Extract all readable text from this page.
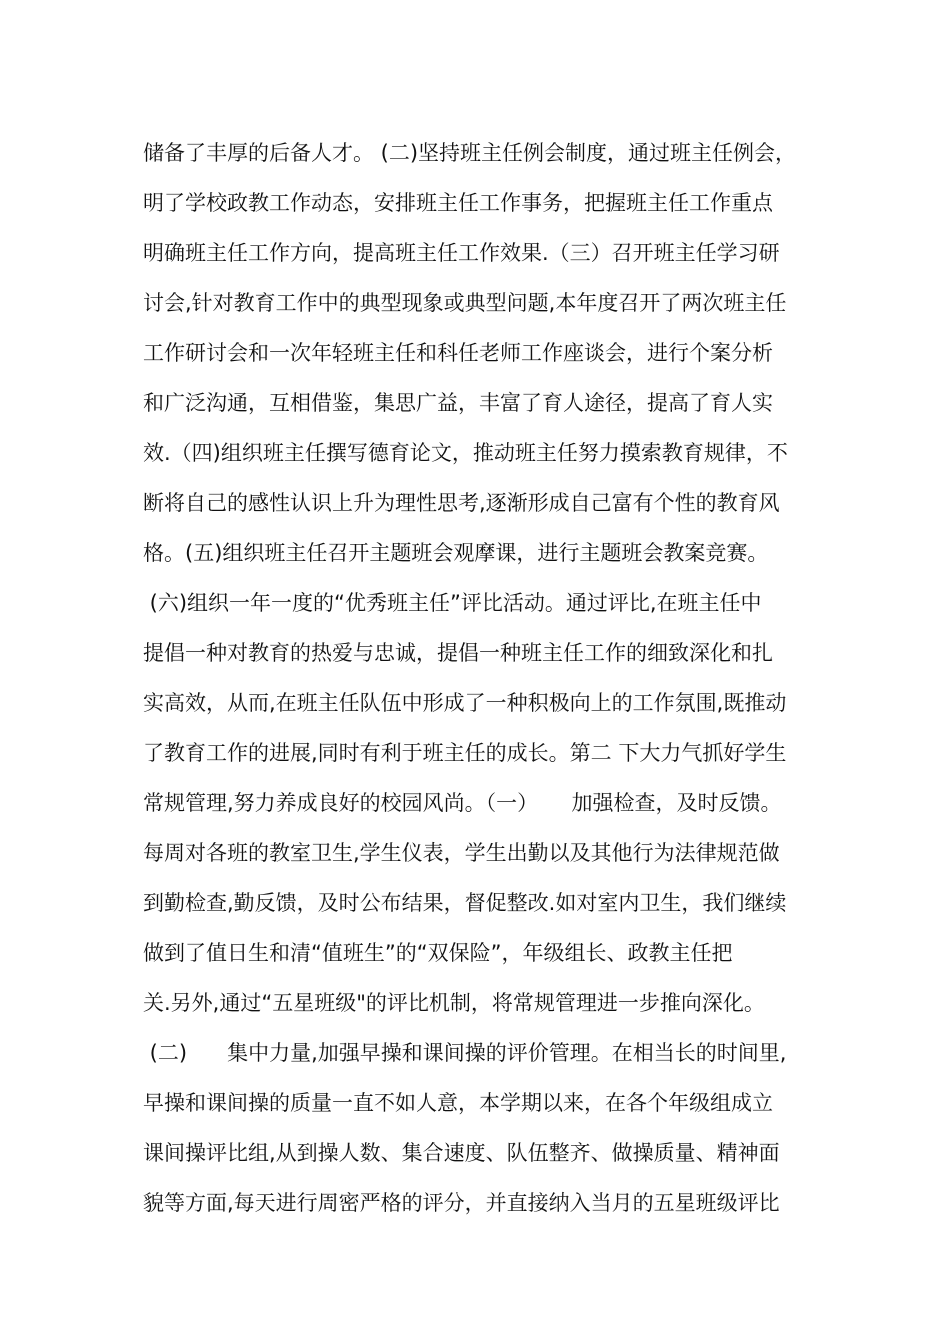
储备了丰厚的后备人才。 (二)坚持班主任例会制度，通过班主任例会，
明了学校政教工作动态，安排班主任工作事务，把握班主任工作重点
明确班主任工作方向，提高班主任工作效果.（三）召开班主任学习研
讨会,针对教育工作中的典型现象或典型问题,本年度召开了两次班主任
工作研讨会和一次年轻班主任和科任老师工作座谈会，进行个案分析
和广泛沟通，互相借鉴，集思广益，丰富了育人途径，提高了育人实
效.（四)组织班主任撰写德育论文，推动班主任努力摸索教育规律，不
断将自己的感性认识上升为理性思考,逐渐形成自己富有个性的教育风
格。(五)组织班主任召开主题班会观摩课，进行主题班会教案竞赛。
(六)组织一年一度的“优秀班主任”评比活动。通过评比,在班主任中
提倡一种对教育的热爱与忠诚，提倡一种班主任工作的细致深化和扎
实高效，从而,在班主任队伍中形成了一种积极向上的工作氛围,既推动
了教育工作的进展,同时有利于班主任的成长。第二 下大力气抓好学生
常规管理,努力养成良好的校园风尚。（一）     加强检查，及时反馈。
每周对各班的教室卫生,学生仪表，学生出勤以及其他行为法律规范做
到勤检查,勤反馈，及时公布结果，督促整改.如对室内卫生，我们继续
做到了值日生和清“值班生”的“双保险”，年级组长、政教主任把
关.另外,通过“五星班级"的评比机制，将常规管理进一步推向深化。
(二)      集中力量,加强早操和课间操的评价管理。在相当长的时间里,
早操和课间操的质量一直不如人意，本学期以来，在各个年级组成立
课间操评比组,从到操人数、集合速度、队伍整齐、做操质量、精神面
貌等方面,每天进行周密严格的评分，并直接纳入当月的五星班级评比
